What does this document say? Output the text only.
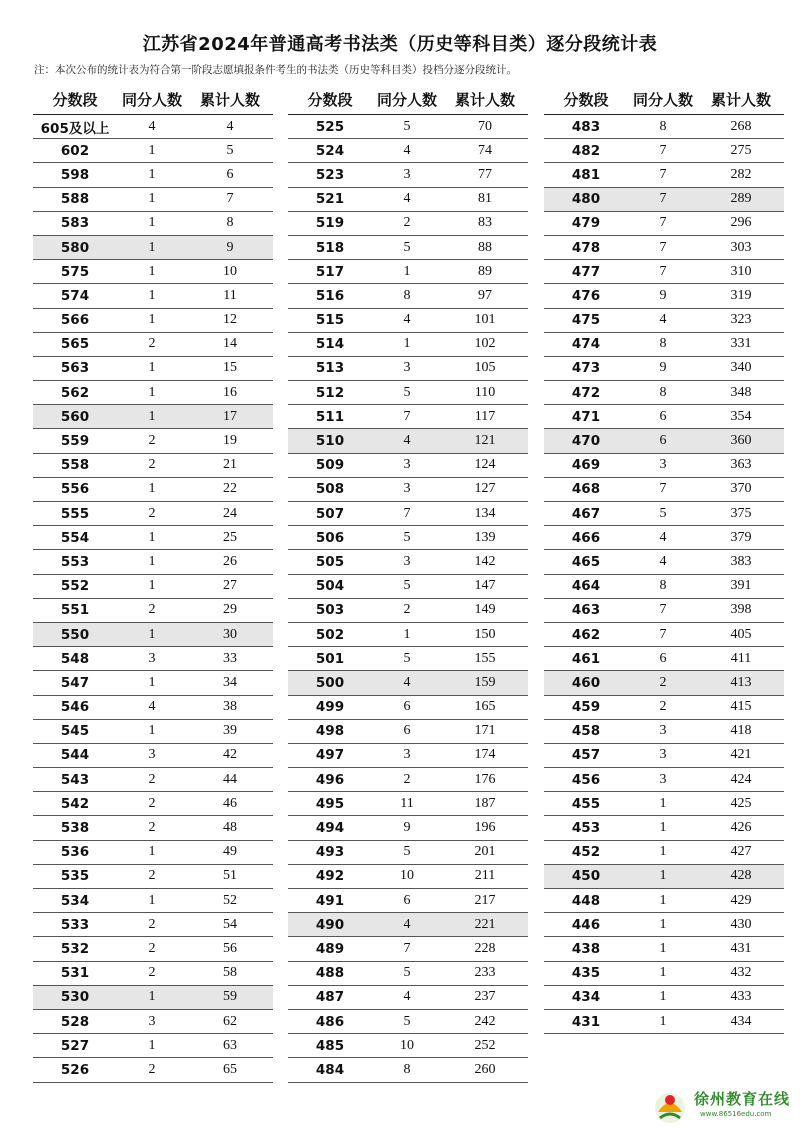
江苏省2024年普通高考书法类（历史等科目类）逐分段统计表
注：本次公布的统计表为符合第一阶段志愿填报条件考生的书法类（历史等科目类）投档分逐分段统计。
分数段	同分人数	累计人数
605及以上	4	4
602	1	5
598	1	6
588	1	7
583	1	8
580	1	9
575	1	10
574	1	11
566	1	12
565	2	14
563	1	15
562	1	16
560	1	17
559	2	19
558	2	21
556	1	22
555	2	24
554	1	25
553	1	26
552	1	27
551	2	29
550	1	30
548	3	33
547	1	34
546	4	38
545	1	39
544	3	42
543	2	44
542	2	46
538	2	48
536	1	49
535	2	51
534	1	52
533	2	54
532	2	56
531	2	58
530	1	59
528	3	62
527	1	63
526	2	65
分数段	同分人数	累计人数
525	5	70
524	4	74
523	3	77
521	4	81
519	2	83
518	5	88
517	1	89
516	8	97
515	4	101
514	1	102
513	3	105
512	5	110
511	7	117
510	4	121
509	3	124
508	3	127
507	7	134
506	5	139
505	3	142
504	5	147
503	2	149
502	1	150
501	5	155
500	4	159
499	6	165
498	6	171
497	3	174
496	2	176
495	11	187
494	9	196
493	5	201
492	10	211
491	6	217
490	4	221
489	7	228
488	5	233
487	4	237
486	5	242
485	10	252
484	8	260
分数段	同分人数	累计人数
483	8	268
482	7	275
481	7	282
480	7	289
479	7	296
478	7	303
477	7	310
476	9	319
475	4	323
474	8	331
473	9	340
472	8	348
471	6	354
470	6	360
469	3	363
468	7	370
467	5	375
466	4	379
465	4	383
464	8	391
463	7	398
462	7	405
461	6	411
460	2	413
459	2	415
458	3	418
457	3	421
456	3	424
455	1	425
453	1	426
452	1	427
450	1	428
448	1	429
446	1	430
438	1	431
435	1	432
434	1	433
431	1	434
徐州教育在线
www.86516edu.com
